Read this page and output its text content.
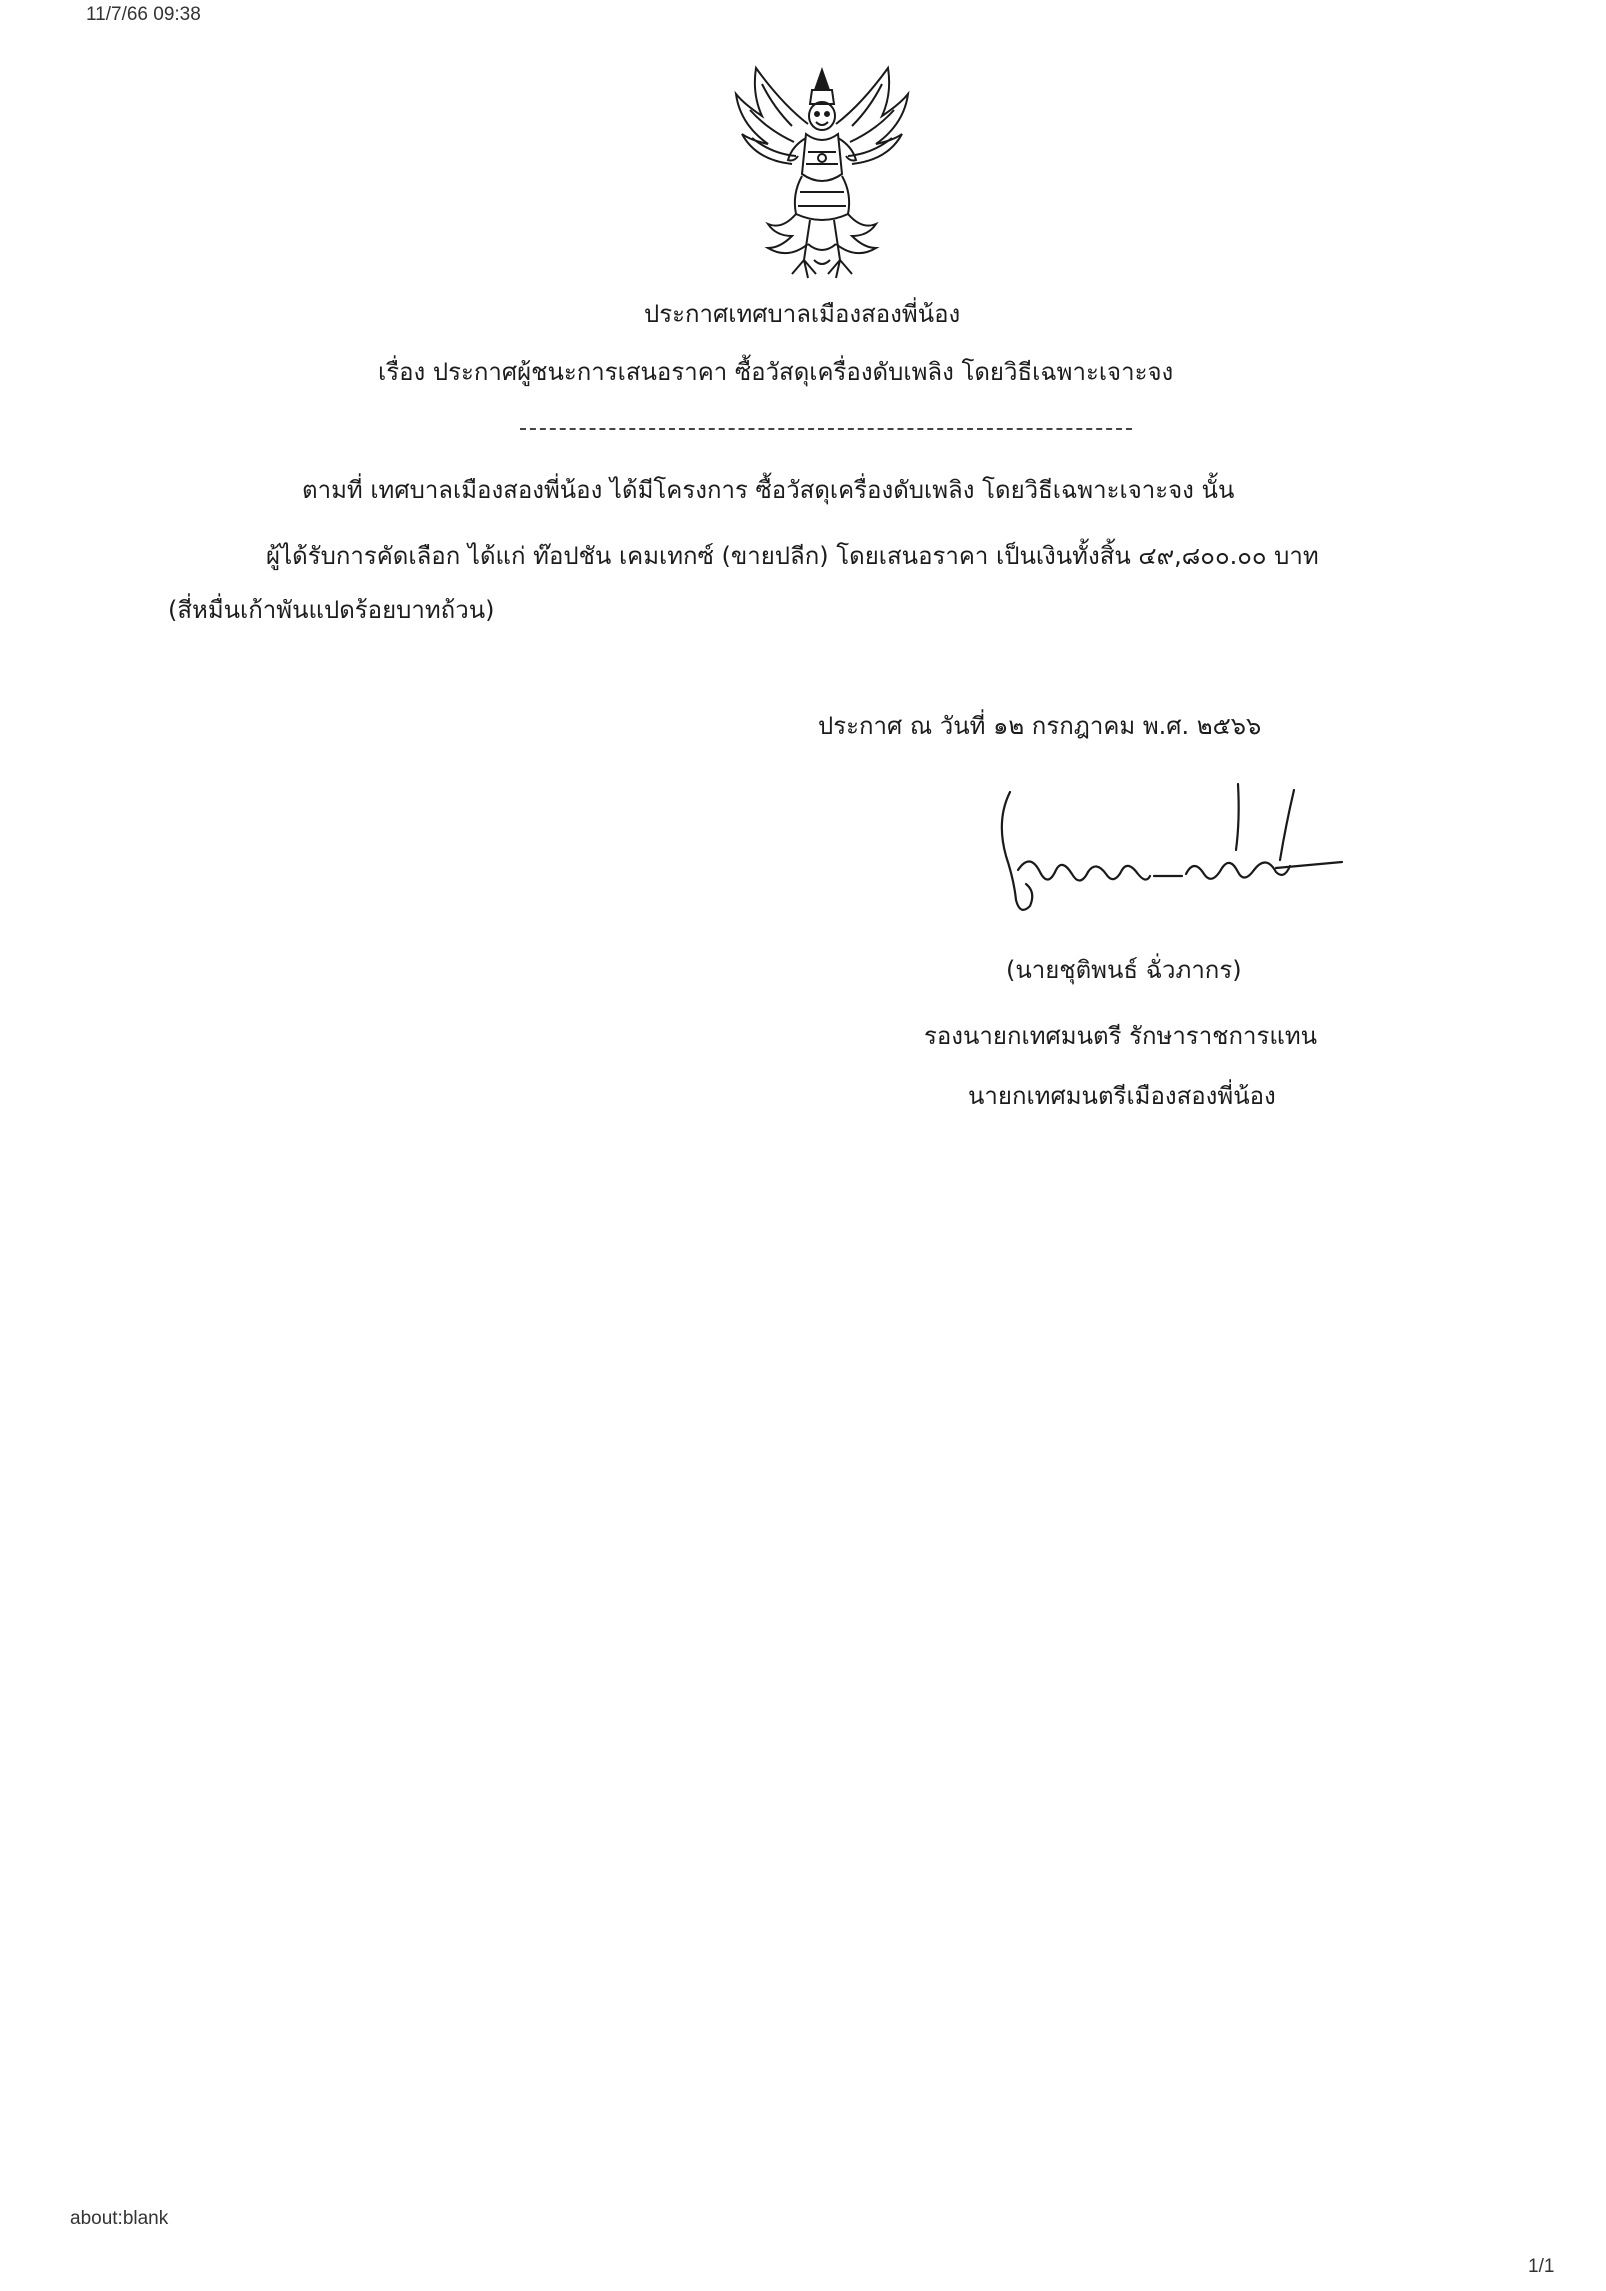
11/7/66 09:38
ประกาศเทศบาลเมืองสองพี่น้อง
เรื่อง ประกาศผู้ชนะการเสนอราคา ซื้อวัสดุเครื่องดับเพลิง โดยวิธีเฉพาะเจาะจง
ตามที่ เทศบาลเมืองสองพี่น้อง ได้มีโครงการ ซื้อวัสดุเครื่องดับเพลิง โดยวิธีเฉพาะเจาะจง นั้น
ผู้ได้รับการคัดเลือก ได้แก่ ท๊อปชัน เคมเทกซ์ (ขายปลีก) โดยเสนอราคา เป็นเงินทั้งสิ้น ๔๙,๘๐๐.๐๐ บาท
(สี่หมื่นเก้าพันแปดร้อยบาทถ้วน)
ประกาศ ณ วันที่ ๑๒ กรกฎาคม พ.ศ. ๒๕๖๖
(นายชุติพนธ์ ฉั่วภากร)
รองนายกเทศมนตรี รักษาราชการแทน
นายกเทศมนตรีเมืองสองพี่น้อง
about:blank
1/1
